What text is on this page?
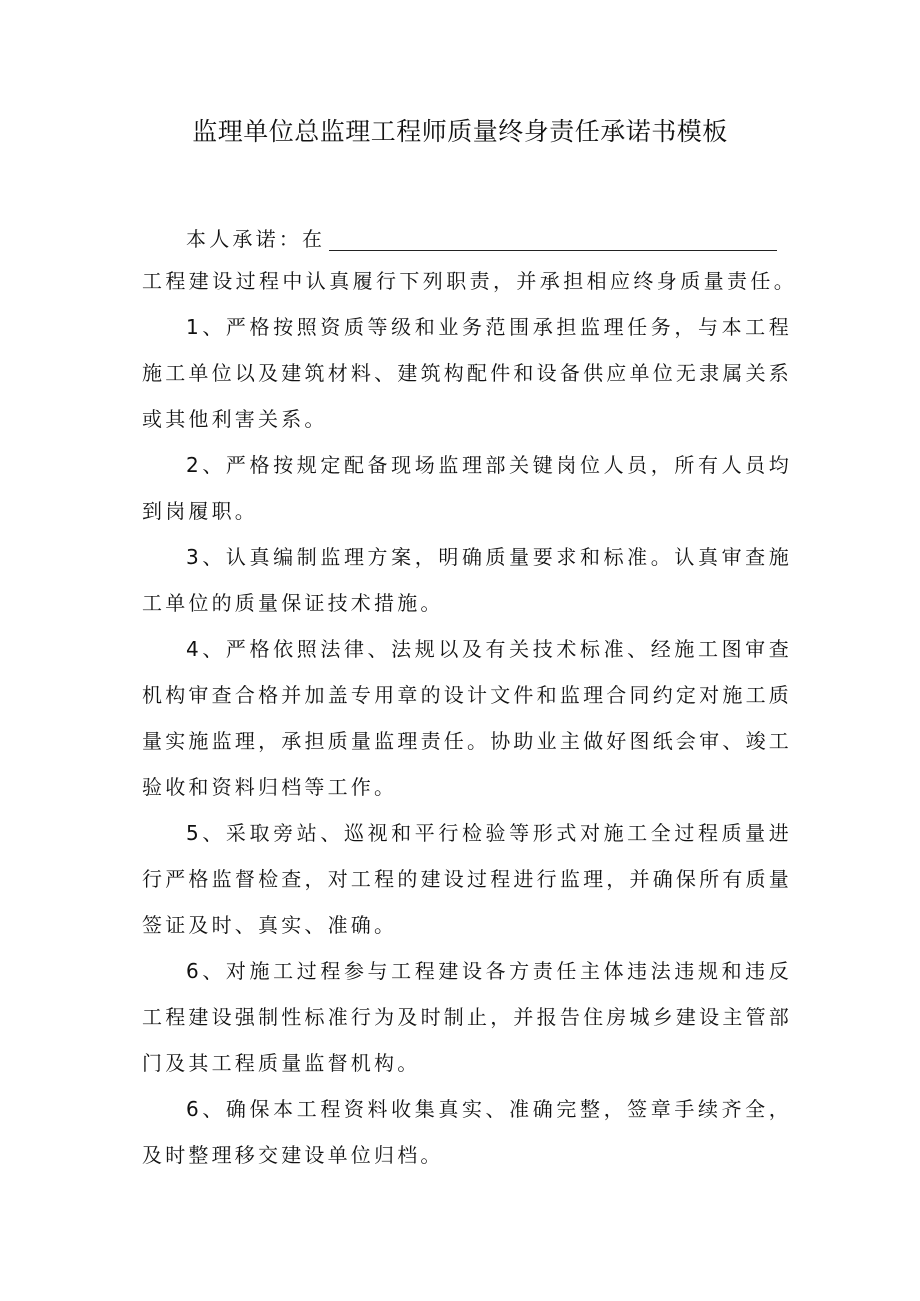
监理单位总监理工程师质量终身责任承诺书模板
本人承诺：在
工程建设过程中认真履行下列职责，并承担相应终身质量责任。

1、严格按照资质等级和业务范围承担监理任务，与本工程施工单位以及建筑材料、建筑构配件和设备供应单位无隶属关系或其他利害关系。

2、严格按规定配备现场监理部关键岗位人员，所有人员均到岗履职。

3、认真编制监理方案，明确质量要求和标准。认真审查施工单位的质量保证技术措施。

4、严格依照法律、法规以及有关技术标准、经施工图审查机构审查合格并加盖专用章的设计文件和监理合同约定对施工质量实施监理，承担质量监理责任。协助业主做好图纸会审、竣工验收和资料归档等工作。

5、采取旁站、巡视和平行检验等形式对施工全过程质量进行严格监督检查，对工程的建设过程进行监理，并确保所有质量签证及时、真实、准确。

6、对施工过程参与工程建设各方责任主体违法违规和违反工程建设强制性标准行为及时制止，并报告住房城乡建设主管部门及其工程质量监督机构。

6、确保本工程资料收集真实、准确完整，签章手续齐全，及时整理移交建设单位归档。
